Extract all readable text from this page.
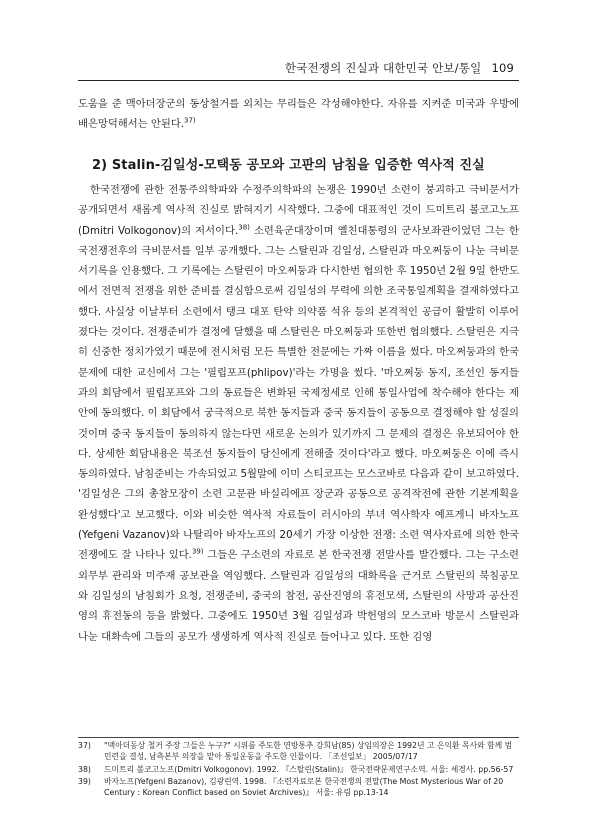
한국전쟁의 진실과 대한민국 안보/통일 109

도움을 준 맥아더장군의 동상철거를 외치는 무리들은 각성해야한다. 자유를 지켜준 미국과 우방에 배은망덕해서는 안된다.$^{37)}$

2) Stalin-김일성-모택동 공모와 고판의 남침을 입증한 역사적 진실

한국전쟁에 관한 전통주의학파와 수정주의학파의 논쟁은 1990년 소련이 붕괴하고 극비문서가 공개되면서 새롭게 역사적 진실로 밝혀지기 시작했다. 그중에 대표적인 것이 드미트리 볼코고노프(Dmitri Volkogonov)의 저서이다.$^{38)}$ 소련육군대장이며 옐친대통령의 군사보좌관이었던 그는 한국전쟁전후의 극비문서를 일부 공개했다. 그는 스탈린과 김일성, 스탈린과 마오쩌둥이 나눈 극비문서기록을 인용했다. 그 기록에는 스탈린이 마오쩌둥과 다시한번 협의한 후 1950년 2월 9일 한반도에서 전면적 전쟁을 위한 준비를 결심함으로써 김일성의 무력에 의한 조국통일계획을 결재하였다고 했다. 사실상 이날부터 소련에서 탱크 대포 탄약 의약품 석유 등의 본격적인 공급이 활발히 이루어졌다는 것이다. 전쟁준비가 결정에 달했을 때 스탈린은 마오쩌둥과 또한번 협의했다. 스탈린은 지극히 신중한 정치가였기 때문에 전시처럼 모든 특별한 전문에는 가짜 이름을 썼다. 마오쩌둥과의 한국문제에 대한 교신에서 그는 '필립포프(phlipov)'라는 가명을 썼다. '마오쩌둥 동지, 조선인 동지들과의 회담에서 필립포프와 그의 동료들은 변화된 국제정세로 인해 통일사업에 착수해야 한다는 제안에 동의했다. 이 회담에서 궁극적으로 북한 동지들과 중국 동지들이 공동으로 결정해야 할 성질의 것이며 중국 동지들이 동의하지 않는다면 새로운 논의가 있기까지 그 문제의 결정은 유보되어야 한다. 상세한 회담내용은 북조선 동지들이 당신에게 전해줄 것이다'라고 했다. 마오쩌둥은 이에 즉시 동의하였다. 남침준비는 가속되었고 5월말에 이미 스티코프는 모스코바로 다음과 같이 보고하였다. '김일성은 그의 총참모장이 소련 고문관 바실리에프 장군과 공동으로 공격작전에 관한 기본계획을 완성했다'고 보고했다. 이와 비슷한 역사적 자료들이 러시아의 부녀 역사학자 예프게니 바자노프(Yefgeni Vazanov)와 나탈리아 바자노프의 20세기 가장 이상한 전쟁: 소련 역사자료에 의한 한국전쟁에도 잘 나타나 있다.$^{39)}$ 그들은 구소련의 자료로 본 한국전쟁 전말사를 발간했다. 그는 구소련 외무부 관리와 미주재 공보관을 역임했다. 스탈린과 김일성의 대화록을 근거로 스탈린의 북침공모와 김일성의 남침회가 요청, 전쟁준비, 중국의 참전, 공산진영의 휴전모색, 스탈린의 사망과 공산진영의 휴전동의 등을 밝혔다. 그중에도 1950년 3월 김일성과 박헌영의 모스코바 방문시 스탈린과 나눈 대화속에 그들의 공모가 생생하게 역사적 진실로 들어나고 있다. 또한 김영

37)	"맥아더동상 철거 주장 그들은 누구?" 시위를 주도한 연방통추 강희남(85) 상임의장은 1992년 고 은익환 목사와 함께 범민련을 결성, 남측본부 의장을 맡아 통일운동을 주도한 인물이다. 「조선일보」 2005/07/17
38)	드미트리 볼코고노프(Dmitri Volkogonov). 1992. 『스탈린(Stalin)』 한국전략문제연구소역. 서울: 세경사. pp.56-57
39)	바자노프(Yefgeni Bazanov), 김광린역. 1998. 『소련자료로본 한국전쟁의 전말(The Most Mysterious War of 20 Century : Korean Conflict based on Soviet Archives)』 서울: 유림 pp.13-14
